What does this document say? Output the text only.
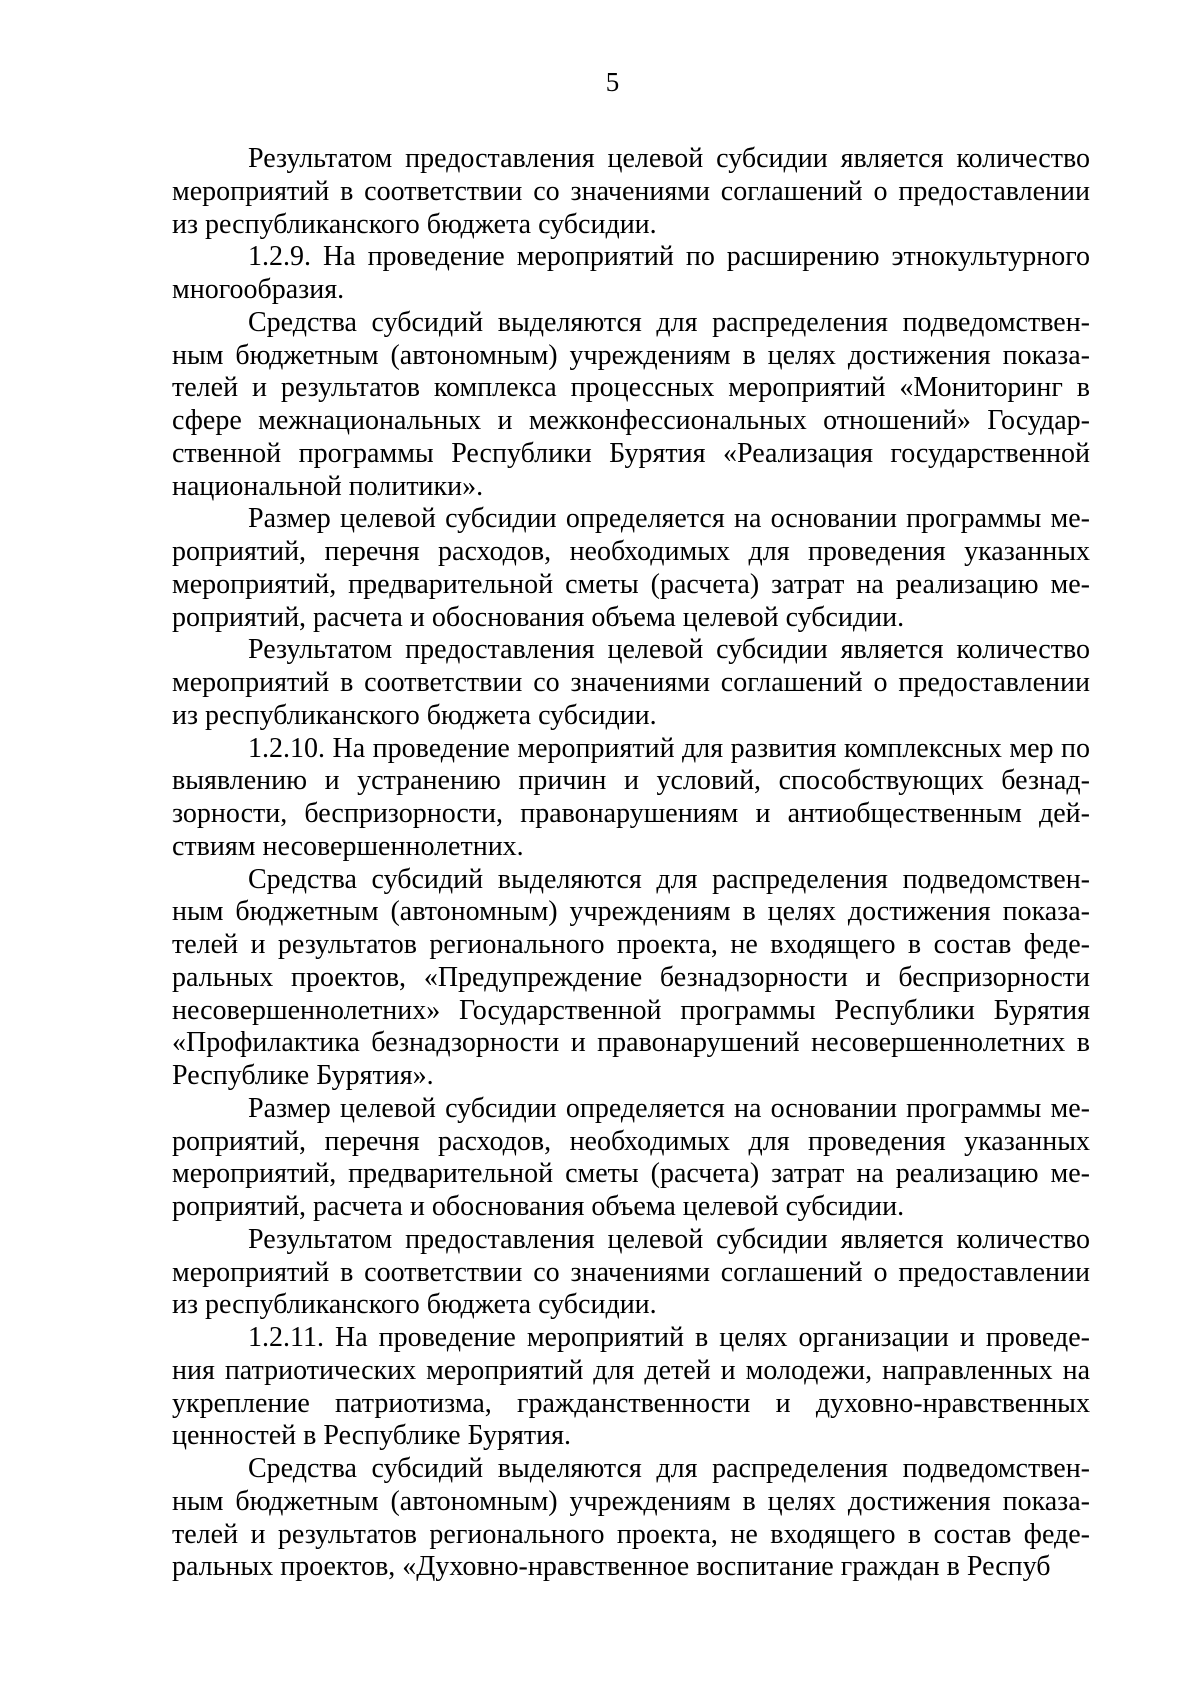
5

Результатом предоставления целевой субсидии является количество мероприятий в соответствии со значениями соглашений о предоставлении из республиканского бюджета субсидии.

1.2.9. На проведение мероприятий по расширению этнокультурного многообразия.

Средства субсидий выделяются для распределения подведомственным бюджетным (автономным) учреждениям в целях достижения показателей и результатов комплекса процессных мероприятий «Мониторинг в сфере межнациональных и межконфессиональных отношений» Государственной программы Республики Бурятия «Реализация государственной национальной политики».

Размер целевой субсидии определяется на основании программы мероприятий, перечня расходов, необходимых для проведения указанных мероприятий, предварительной сметы (расчета) затрат на реализацию мероприятий, расчета и обоснования объема целевой субсидии.

Результатом предоставления целевой субсидии является количество мероприятий в соответствии со значениями соглашений о предоставлении из республиканского бюджета субсидии.

1.2.10. На проведение мероприятий для развития комплексных мер по выявлению и устранению причин и условий, способствующих безнадзорности, беспризорности, правонарушениям и антиобщественным действиям несовершеннолетних.

Средства субсидий выделяются для распределения подведомственным бюджетным (автономным) учреждениям в целях достижения показателей и результатов регионального проекта, не входящего в состав федеральных проектов, «Предупреждение безнадзорности и беспризорности несовершеннолетних» Государственной программы Республики Бурятия «Профилактика безнадзорности и правонарушений несовершеннолетних в Республике Бурятия».

Размер целевой субсидии определяется на основании программы мероприятий, перечня расходов, необходимых для проведения указанных мероприятий, предварительной сметы (расчета) затрат на реализацию мероприятий, расчета и обоснования объема целевой субсидии.

Результатом предоставления целевой субсидии является количество мероприятий в соответствии со значениями соглашений о предоставлении из республиканского бюджета субсидии.

1.2.11. На проведение мероприятий в целях организации и проведения патриотических мероприятий для детей и молодежи, направленных на укрепление патриотизма, гражданственности и духовно-нравственных ценностей в Республике Бурятия.

Средства субсидий выделяются для распределения подведомственным бюджетным (автономным) учреждениям в целях достижения показателей и результатов регионального проекта, не входящего в состав федеральных проектов, «Духовно-нравственное воспитание граждан в Респуб
